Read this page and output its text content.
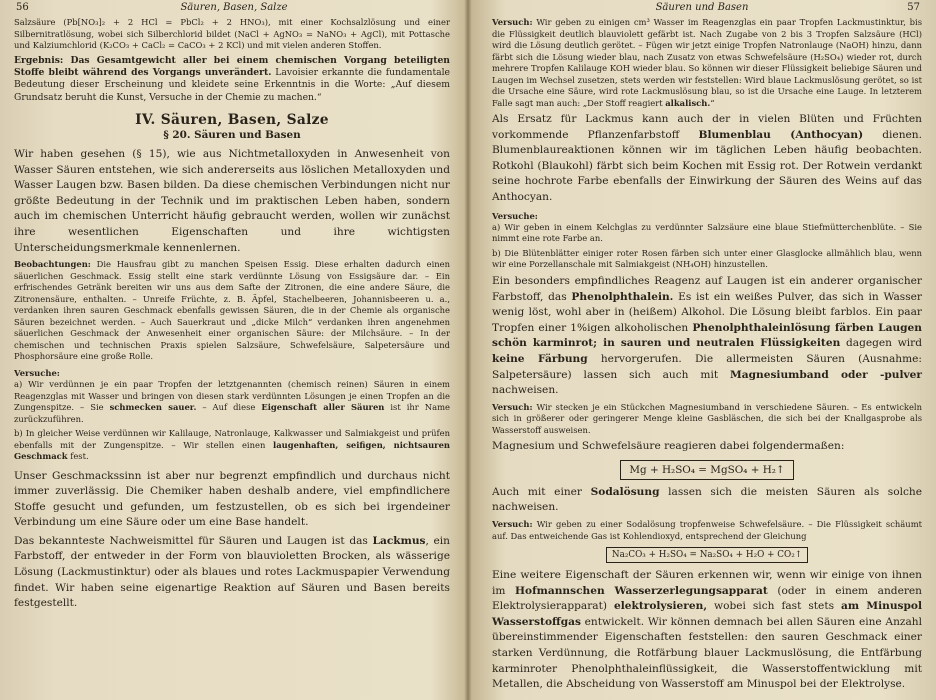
56	Säuren, Basen, Salze

Salzsäure (Pb[NO₃]₂ + 2 HCl = PbCl₂ + 2 HNO₃), mit einer Kochsalzlösung und einer Silbernitratlösung, wobei sich Silberchlorid bildet (NaCl + AgNO₃ = NaNO₃ + AgCl), mit Pottasche und Kalziumchlorid (K₂CO₃ + CaCl₂ = CaCO₃ + 2 KCl) und mit vielen anderen Stoffen.

Ergebnis: Das Gesamtgewicht aller bei einem chemischen Vorgang beteiligten Stoffe bleibt während des Vorgangs unverändert. Lavoisier erkannte die fundamentale Bedeutung dieser Erscheinung und kleidete seine Erkenntnis in die Worte: „Auf diesem Grundsatz beruht die Kunst, Versuche in der Chemie zu machen.“

IV. Säuren, Basen, Salze
§ 20. Säuren und Basen

Wir haben gesehen (§ 15), wie aus Nichtmetalloxyden in Anwesenheit von Wasser Säuren entstehen, wie sich andererseits aus löslichen Metalloxyden und Wasser Laugen bzw. Basen bilden. Da diese chemischen Verbindungen nicht nur größte Bedeutung in der Technik und im praktischen Leben haben, sondern auch im chemischen Unterricht häufig gebraucht werden, wollen wir zunächst ihre wesentlichen Eigenschaften und ihre wichtigsten Unterscheidungsmerkmale kennenlernen.

Beobachtungen: Die Hausfrau gibt zu manchen Speisen Essig. Diese erhalten dadurch einen säuerlichen Geschmack. Essig stellt eine stark verdünnte Lösung von Essigsäure dar. – Ein erfrischendes Getränk bereiten wir uns aus dem Safte der Zitronen, die eine andere Säure, die Zitronensäure, enthalten. – Unreife Früchte, z. B. Äpfel, Stachelbeeren, Johannisbeeren u. a., verdanken ihren sauren Geschmack ebenfalls gewissen Säuren, die in der Chemie als organische Säuren bezeichnet werden. – Auch Sauerkraut und „dicke Milch“ verdanken ihren angenehmen säuerlichen Geschmack der Anwesenheit einer organischen Säure: der Milchsäure. – In der chemischen und technischen Praxis spielen Salzsäure, Schwefelsäure, Salpetersäure und Phosphorsäure eine große Rolle.

Versuche:

a) Wir verdünnen je ein paar Tropfen der letztgenannten (chemisch reinen) Säuren in einem Reagenzglas mit Wasser und bringen von diesen stark verdünnten Lösungen je einen Tropfen an die Zungenspitze. – Sie schmecken sauer. – Auf diese Eigenschaft aller Säuren ist ihr Name zurückzuführen.

b) In gleicher Weise verdünnen wir Kalilauge, Natronlauge, Kalkwasser und Salmiakgeist und prüfen ebenfalls mit der Zungenspitze. – Wir stellen einen laugenhaften, seifigen, nichtsauren Geschmack fest.

Unser Geschmackssinn ist aber nur begrenzt empfindlich und durchaus nicht immer zuverlässig. Die Chemiker haben deshalb andere, viel empfindlichere Stoffe gesucht und gefunden, um festzustellen, ob es sich bei irgendeiner Verbindung um eine Säure oder um eine Base handelt.

Das bekannteste Nachweismittel für Säuren und Laugen ist das Lackmus, ein Farbstoff, der entweder in der Form von blauvioletten Brocken, als wässerige Lösung (Lackmustinktur) oder als blaues und rotes Lackmuspapier Verwendung findet. Wir haben seine eigenartige Reaktion auf Säuren und Basen bereits festgestellt.

Säuren und Basen	57

Versuch: Wir geben zu einigen cm³ Wasser im Reagenzglas ein paar Tropfen Lackmustinktur, bis die Flüssigkeit deutlich blauviolett gefärbt ist. Nach Zugabe von 2 bis 3 Tropfen Salzsäure (HCl) wird die Lösung deutlich gerötet. – Fügen wir jetzt einige Tropfen Natronlauge (NaOH) hinzu, dann färbt sich die Lösung wieder blau, nach Zusatz von etwas Schwefelsäure (H₂SO₄) wieder rot, durch mehrere Tropfen Kalilauge KOH wieder blau. So können wir dieser Flüssigkeit beliebige Säuren und Laugen im Wechsel zusetzen, stets werden wir feststellen: Wird blaue Lackmuslösung gerötet, so ist die Ursache eine Säure, wird rote Lackmuslösung blau, so ist die Ursache eine Lauge. In letzterem Falle sagt man auch: „Der Stoff reagiert alkalisch.“

Als Ersatz für Lackmus kann auch der in vielen Blüten und Früchten vorkommende Pflanzenfarbstoff Blumenblau (Anthocyan) dienen. Blumenblaureaktionen können wir im täglichen Leben häufig beobachten. Rotkohl (Blaukohl) färbt sich beim Kochen mit Essig rot. Der Rotwein verdankt seine hochrote Farbe ebenfalls der Einwirkung der Säuren des Weins auf das Anthocyan.

Versuche:

a) Wir geben in einem Kelchglas zu verdünnter Salzsäure eine blaue Stiefmütterchenblüte. – Sie nimmt eine rote Farbe an.

b) Die Blütenblätter einiger roter Rosen färben sich unter einer Glasglocke allmählich blau, wenn wir eine Porzellanschale mit Salmiakgeist (NH₄OH) hinzustellen.

Ein besonders empfindliches Reagenz auf Laugen ist ein anderer organischer Farbstoff, das Phenolphthalein. Es ist ein weißes Pulver, das sich in Wasser wenig löst, wohl aber in (heißem) Alkohol. Die Lösung bleibt farblos. Ein paar Tropfen einer 1%igen alkoholischen Phenolphthaleinlösung färben Laugen schön karminrot; in sauren und neutralen Flüssigkeiten dagegen wird keine Färbung hervorgerufen. Die allermeisten Säuren (Ausnahme: Salpetersäure) lassen sich auch mit Magnesiumband oder -pulver nachweisen.

Versuch: Wir stecken je ein Stückchen Magnesiumband in verschiedene Säuren. – Es entwickeln sich in größerer oder geringerer Menge kleine Gasbläschen, die sich bei der Knallgasprobe als Wasserstoff ausweisen.

Magnesium und Schwefelsäure reagieren dabei folgendermaßen:

Mg + H₂SO₄ = MgSO₄ + H₂↑

Auch mit einer Sodalösung lassen sich die meisten Säuren als solche nachweisen.

Versuch: Wir geben zu einer Sodalösung tropfenweise Schwefelsäure. – Die Flüssigkeit schäumt auf. Das entweichende Gas ist Kohlendioxyd, entsprechend der Gleichung

Na₂CO₃ + H₂SO₄ = Na₂SO₄ + H₂O + CO₂↑

Eine weitere Eigenschaft der Säuren erkennen wir, wenn wir einige von ihnen im Hofmannschen Wasserzerlegungsapparat (oder in einem anderen Elektrolysierapparat) elektrolysieren, wobei sich fast stets am Minuspol Wasserstoffgas entwickelt. Wir können demnach bei allen Säuren eine Anzahl übereinstimmender Eigenschaften feststellen: den sauren Geschmack einer starken Verdünnung, die Rotfärbung blauer Lackmuslösung, die Entfärbung karminroter Phenolphthaleinflüssigkeit, die Wasserstoffentwicklung mit Metallen, die Abscheidung von Wasserstoff am Minuspol bei der Elektrolyse.
